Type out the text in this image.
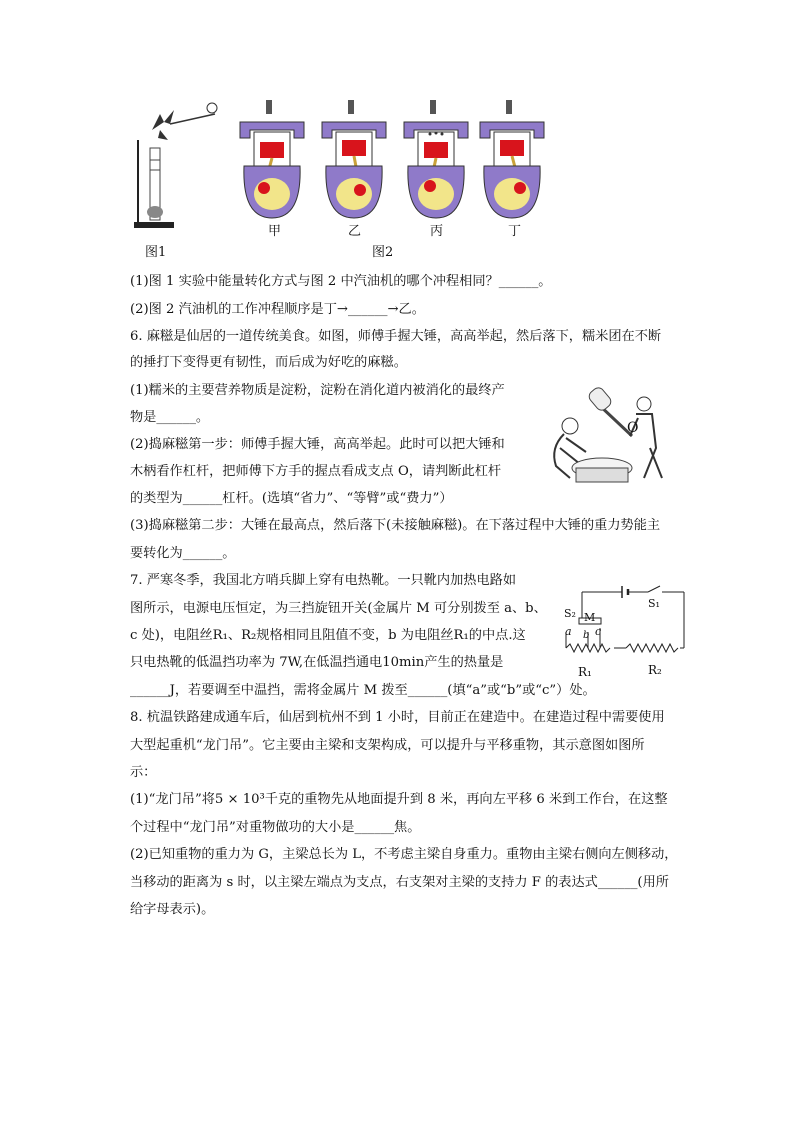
图1
甲	乙	丙	丁
图2
(1)图 1 实验中能量转化方式与图 2 中汽油机的哪个冲程相同？______。
(2)图 2 汽油机的工作冲程顺序是丁→______→乙。
6. 麻糍是仙居的一道传统美食。如图，师傅手握大锤，高高举起，然后落下，糯米团在不断
的捶打下变得更有韧性，而后成为好吃的麻糍。
(1)糯米的主要营养物质是淀粉，淀粉在消化道内被消化的最终产
物是______。
(2)捣麻糍第一步：师傅手握大锤，高高举起。此时可以把大锤和
木柄看作杠杆，把师傅下方手的握点看成支点 O，请判断此杠杆
的类型为______杠杆。(选填“省力”、“等臂”或“费力”）
(3)捣麻糍第二步：大锤在最高点，然后落下(未接触麻糍)。在下落过程中大锤的重力势能主
要转化为______。
7. 严寒冬季，我国北方哨兵脚上穿有电热靴。一只靴内加热电路如
图所示，电源电压恒定，为三挡旋钮开关(金属片 M 可分别拨至 a、b、
c 处)，电阻丝R₁、R₂规格相同且阻值不变，b 为电阻丝R₁的中点.这
只电热靴的低温挡功率为 7W,在低温挡通电10min产生的热量是
______J，若要调至中温挡，需将金属片 M 拨至______(填“a”或“b”或“c”）处。
8. 杭温铁路建成通车后，仙居到杭州不到 1 小时，目前正在建造中。在建造过程中需要使用
大型起重机“龙门吊”。它主要由主梁和支架构成，可以提升与平移重物，其示意图如图所
示：
(1)“龙门吊”将5 × 10³千克的重物先从地面提升到 8 米，再向左平移 6 米到工作台，在这整
个过程中“龙门吊”对重物做功的大小是______焦。
(2)已知重物的重力为 G，主梁总长为 L，不考虑主梁自身重力。重物由主梁右侧向左侧移动，
当移动的距离为 s 时，以主梁左端点为支点，右支架对主梁的支持力 F 的表达式______(用所
给字母表示)。
O
S₁
S₂ M
a b c
R₁	R₂
